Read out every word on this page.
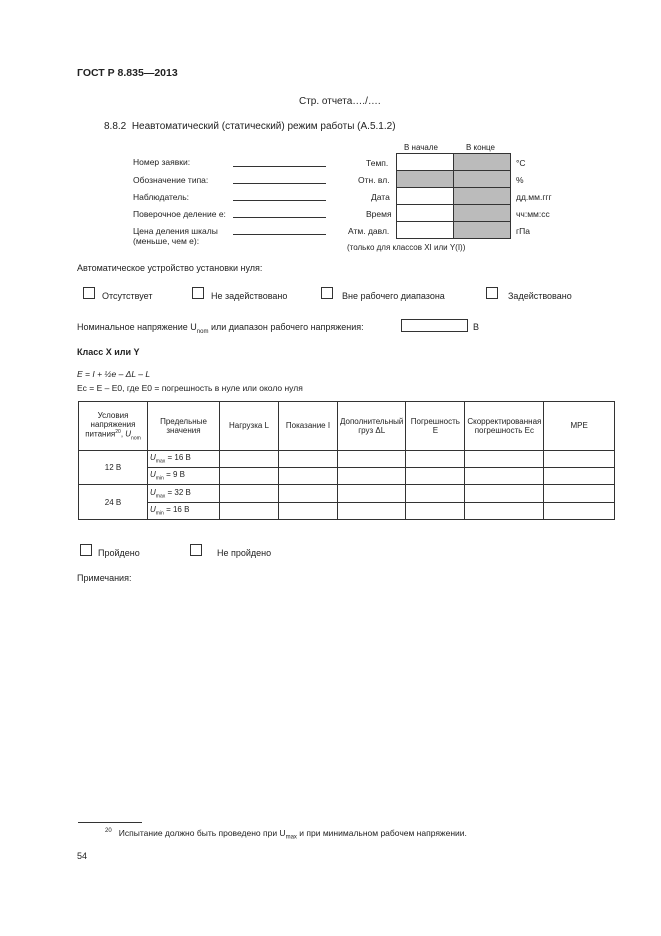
ГОСТ Р 8.835—2013
Стр. отчета…./….
8.8.2 Неавтоматический (статический) режим работы (А.5.1.2)
Номер заявки:
Обозначение типа:
Наблюдатель:
Поверочное деление e:
Цена деления шкалы
(меньше, чем e):
В начале	В конце
Темп.	°C
Отн. вл.	%
Дата	дд.мм.ггг
Время	чч:мм:сс
Атм. давл.	гПа
(только для классов XI или Y(I))
Автоматическое устройство установки нуля:
Отсутствует	Не задействовано	Вне рабочего диапазона	Задействовано
Номинальное напряжение $U_{nom}$ или диапазон рабочего напряжения:	В
Класс X или Y
E = I + ½e – ΔL – L
Ec = E – E0, где E0 = погрешность в нуле или около нуля
Условия напряжения питания$^{20}$, $U_{nom}$	Предельные значения	Нагрузка L	Показание I	Дополнительный груз ΔL	Погрешность E	Скорректированная погрешность Ec	MPE
12 В	$U_{max} = 16$ В						
	$U_{min} = 9$ В						
24 В	$U_{max} = 32$ В						
	$U_{min} = 16$ В						
Пройдено	Не пройдено
Примечания:
$^{20}$ Испытание должно быть проведено при $U_{max}$ и при минимальном рабочем напряжении.
54
